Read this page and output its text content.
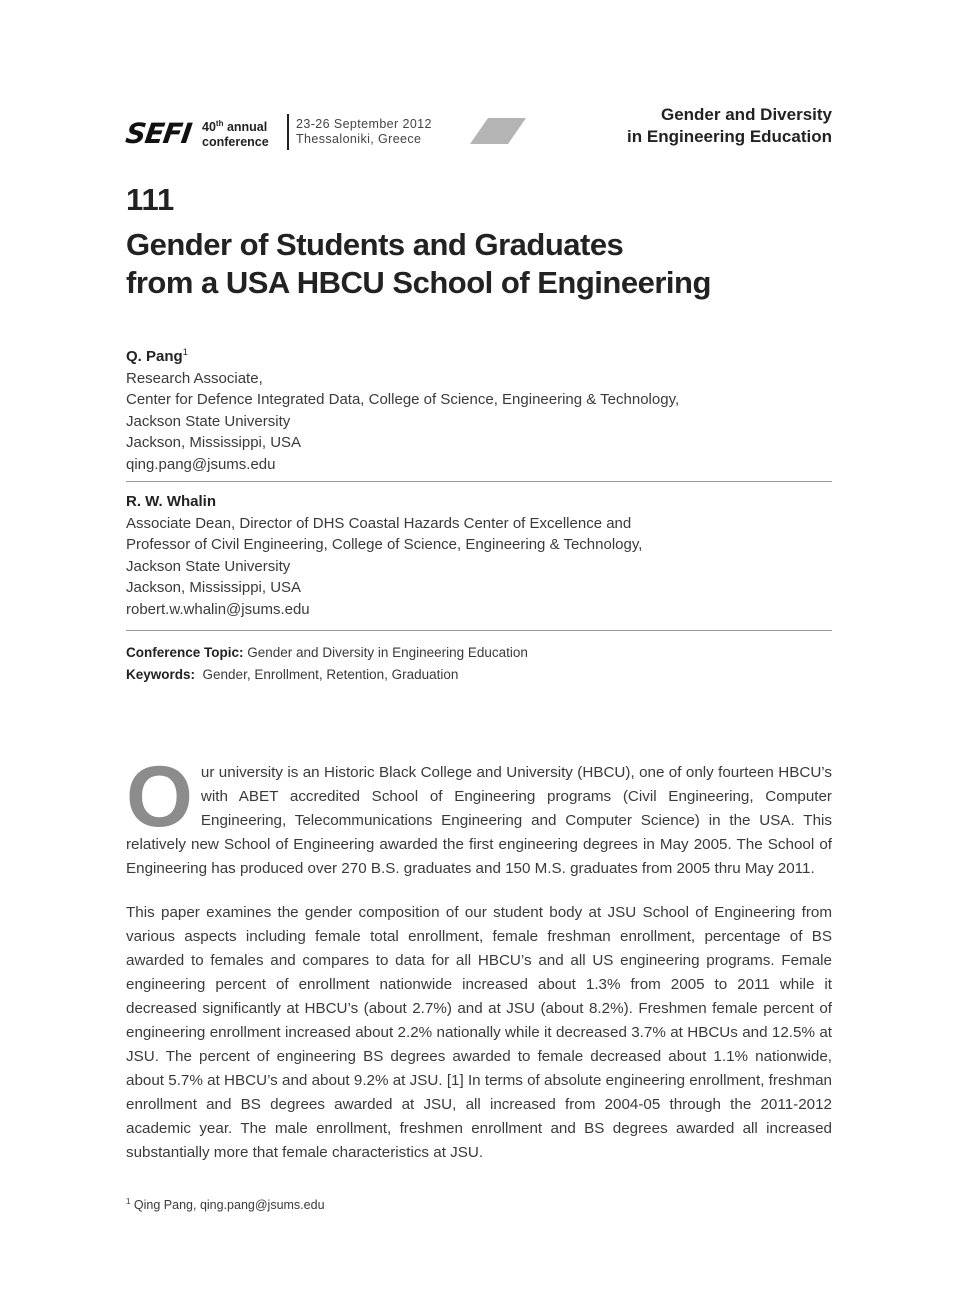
SEFI 40th annual
conference
23-26 September 2012
Thessaloniki, Greece
Gender and Diversity
in Engineering Education
111
Gender of Students and Graduates
from a USA HBCU School of Engineering
Q. Pang$^1$
Research Associate,
Center for Defence Integrated Data, College of Science, Engineering & Technology,
Jackson State University
Jackson, Mississippi, USA
qing.pang@jsums.edu
R. W. Whalin
Associate Dean, Director of DHS Coastal Hazards Center of Excellence and
Professor of Civil Engineering, College of Science, Engineering & Technology,
Jackson State University
Jackson, Mississippi, USA
robert.w.whalin@jsums.edu
Conference Topic: Gender and Diversity in Engineering Education
Keywords:  Gender, Enrollment, Retention, Graduation
Our university is an Historic Black College and University (HBCU), one of only fourteen HBCU’s with ABET accredited School of Engineering programs (Civil Engineering, Computer Engineering, Telecommunications Engineering and Computer Science) in the USA. This relatively new School of Engineering awarded the first engineering degrees in May 2005. The School of Engineering has produced over 270 B.S. graduates and 150 M.S. graduates from 2005 thru May 2011.
This paper examines the gender composition of our student body at JSU School of Engineering from various aspects including female total enrollment, female freshman enrollment, percentage of BS awarded to females and compares to data for all HBCU’s and all US engineering programs. Female engineering percent of enrollment nationwide increased about 1.3% from 2005 to 2011 while it decreased significantly at HBCU’s (about 2.7%) and at JSU (about 8.2%). Freshmen female percent of engineering enrollment increased about 2.2% nationally while it decreased 3.7% at HBCUs and 12.5% at JSU. The percent of engineering BS degrees awarded to female decreased about 1.1% nationwide, about 5.7% at HBCU’s and about 9.2% at JSU. [1] In terms of absolute engineering enrollment, freshman enrollment and BS degrees awarded at JSU, all increased from 2004-05 through the 2011-2012 academic year. The male enrollment, freshmen enrollment and BS degrees awarded all increased substantially more that female characteristics at JSU.
$^1$ Qing Pang, qing.pang@jsums.edu
